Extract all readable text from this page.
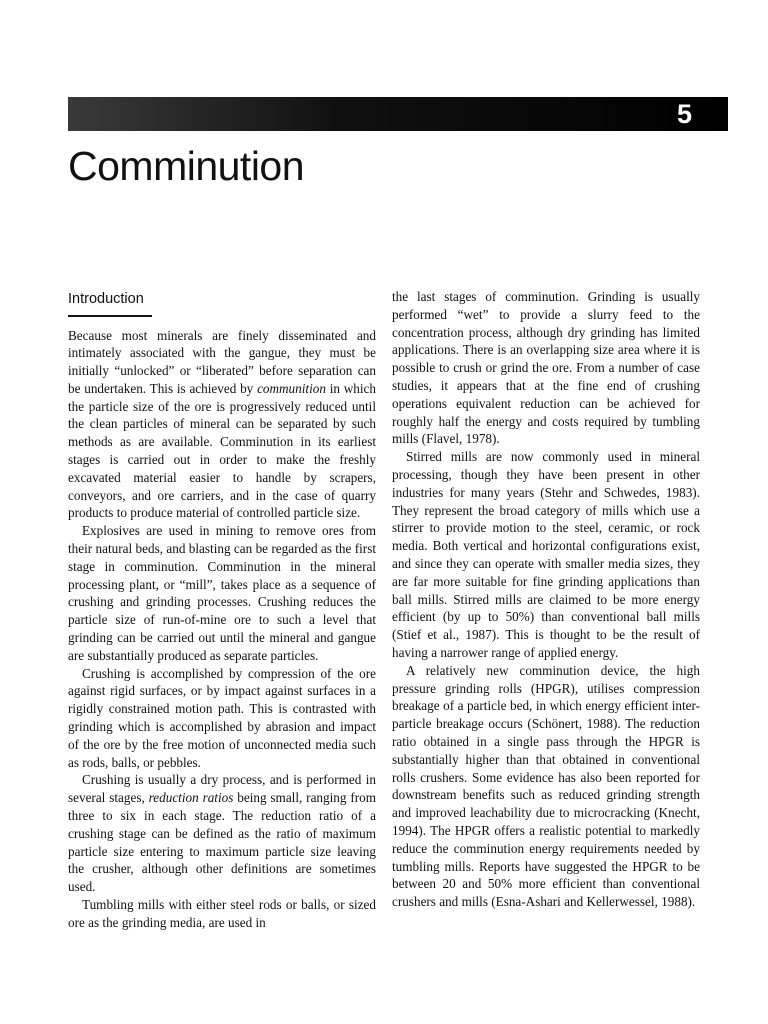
5
Comminution
Introduction

Because most minerals are finely disseminated and intimately associated with the gangue, they must be initially “unlocked” or “liberated” before separation can be undertaken. This is achieved by communition in which the particle size of the ore is progressively reduced until the clean particles of mineral can be separated by such methods as are available. Comminution in its earliest stages is carried out in order to make the freshly excavated material easier to handle by scrapers, conveyors, and ore carriers, and in the case of quarry products to produce material of controlled particle size.

Explosives are used in mining to remove ores from their natural beds, and blasting can be regarded as the first stage in comminution. Comminution in the mineral processing plant, or “mill”, takes place as a sequence of crushing and grinding processes. Crushing reduces the particle size of run-of-mine ore to such a level that grinding can be carried out until the mineral and gangue are substantially produced as separate particles.

Crushing is accomplished by compression of the ore against rigid surfaces, or by impact against surfaces in a rigidly constrained motion path. This is contrasted with grinding which is accomplished by abrasion and impact of the ore by the free motion of unconnected media such as rods, balls, or pebbles.

Crushing is usually a dry process, and is performed in several stages, reduction ratios being small, ranging from three to six in each stage. The reduction ratio of a crushing stage can be defined as the ratio of maximum particle size entering to maximum particle size leaving the crusher, although other definitions are sometimes used.

Tumbling mills with either steel rods or balls, or sized ore as the grinding media, are used in

the last stages of comminution. Grinding is usually performed “wet” to provide a slurry feed to the concentration process, although dry grinding has limited applications. There is an overlapping size area where it is possible to crush or grind the ore. From a number of case studies, it appears that at the fine end of crushing operations equivalent reduction can be achieved for roughly half the energy and costs required by tumbling mills (Flavel, 1978).

Stirred mills are now commonly used in mineral processing, though they have been present in other industries for many years (Stehr and Schwedes, 1983). They represent the broad category of mills which use a stirrer to provide motion to the steel, ceramic, or rock media. Both vertical and horizontal configurations exist, and since they can operate with smaller media sizes, they are far more suitable for fine grinding applications than ball mills. Stirred mills are claimed to be more energy efficient (by up to 50%) than conventional ball mills (Stief et al., 1987). This is thought to be the result of having a narrower range of applied energy.

A relatively new comminution device, the high pressure grinding rolls (HPGR), utilises compression breakage of a particle bed, in which energy efficient inter-particle breakage occurs (Schönert, 1988). The reduction ratio obtained in a single pass through the HPGR is substantially higher than that obtained in conventional rolls crushers. Some evidence has also been reported for downstream benefits such as reduced grinding strength and improved leachability due to microcracking (Knecht, 1994). The HPGR offers a realistic potential to markedly reduce the comminution energy requirements needed by tumbling mills. Reports have suggested the HPGR to be between 20 and 50% more efficient than conventional crushers and mills (Esna-Ashari and Kellerwessel, 1988).
